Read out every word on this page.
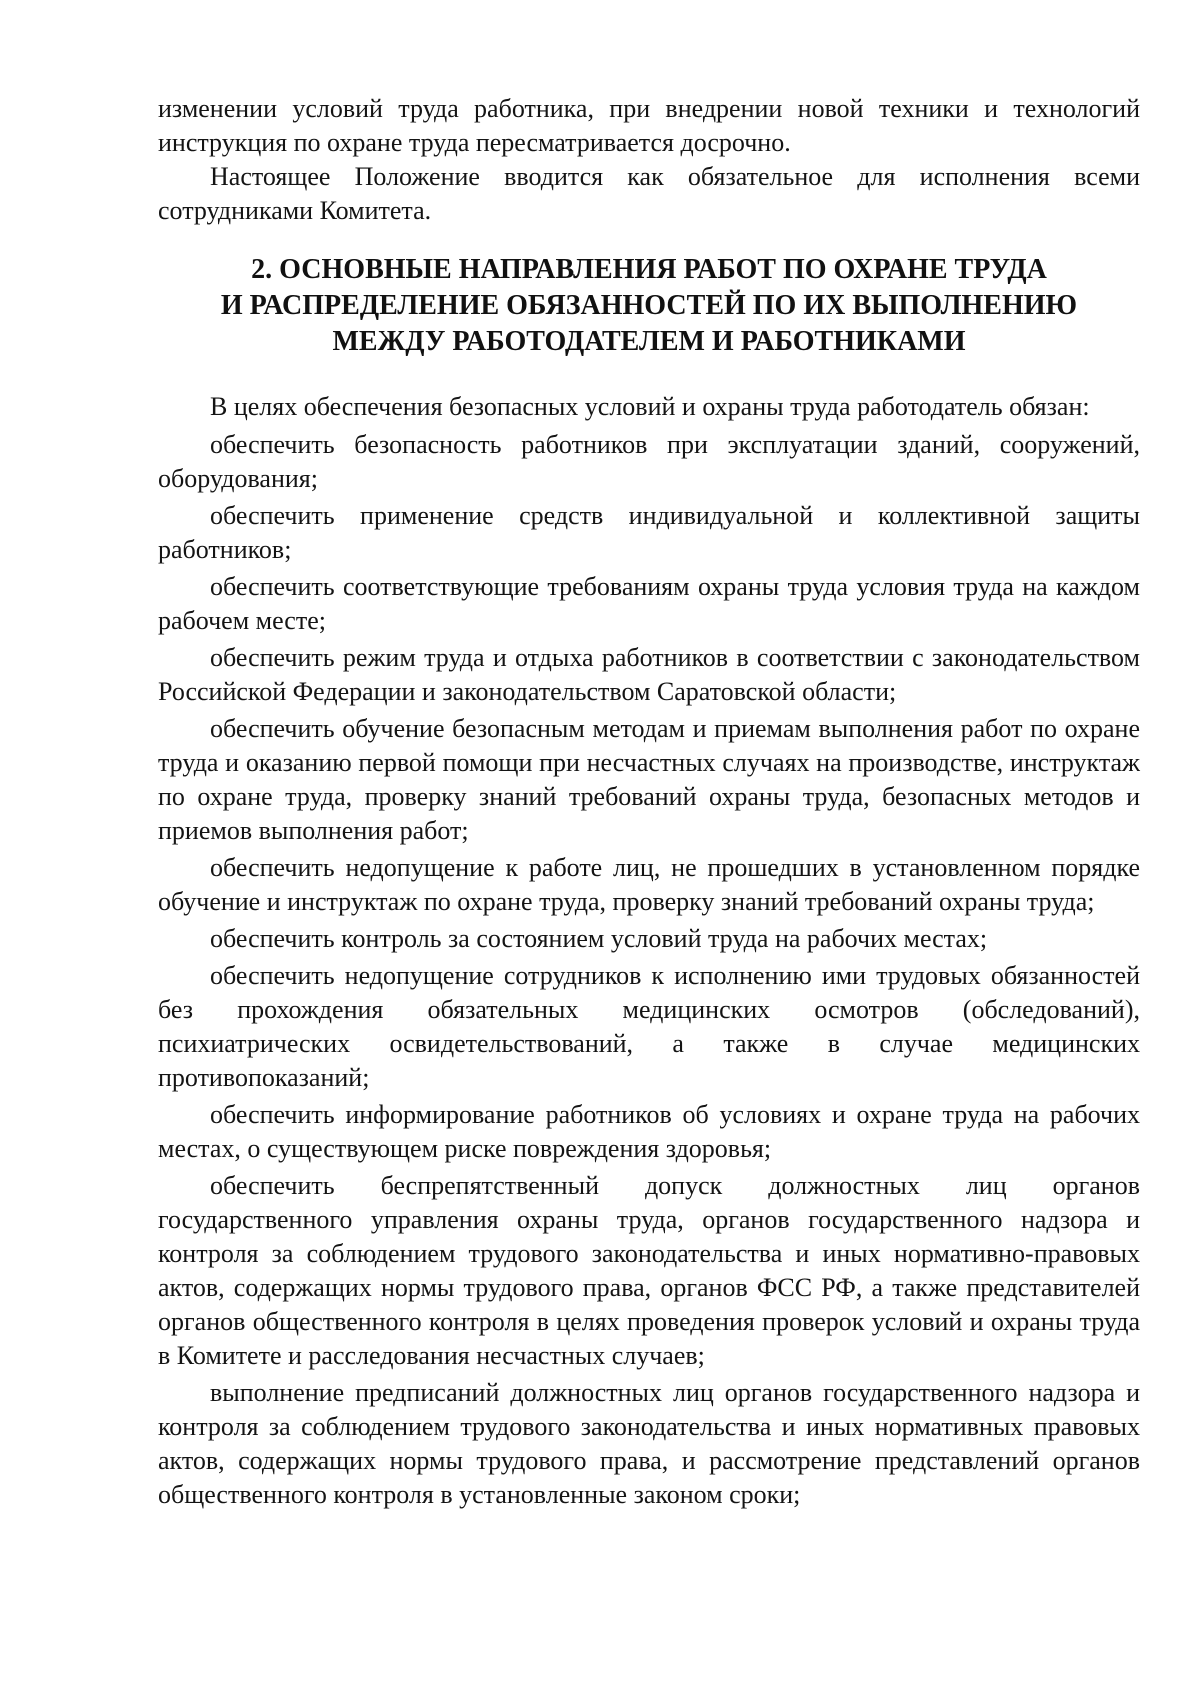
изменении условий труда работника, при внедрении новой техники и технологий инструкция по охране труда пересматривается досрочно.

Настоящее Положение вводится как обязательное для исполнения всеми сотрудниками Комитета.

2. ОСНОВНЫЕ НАПРАВЛЕНИЯ РАБОТ ПО ОХРАНЕ ТРУДА
И РАСПРЕДЕЛЕНИЕ ОБЯЗАННОСТЕЙ ПО ИХ ВЫПОЛНЕНИЮ
МЕЖДУ РАБОТОДАТЕЛЕМ И РАБОТНИКАМИ

В целях обеспечения безопасных условий и охраны труда работодатель обязан:

обеспечить безопасность работников при эксплуатации зданий, сооружений, оборудования;

обеспечить применение средств индивидуальной и коллективной защиты работников;

обеспечить соответствующие требованиям охраны труда условия труда на каждом рабочем месте;

обеспечить режим труда и отдыха работников в соответствии с законодательством Российской Федерации и законодательством Саратовской области;

обеспечить обучение безопасным методам и приемам выполнения работ по охране труда и оказанию первой помощи при несчастных случаях на производстве, инструктаж по охране труда, проверку знаний требований охраны труда, безопасных методов и приемов выполнения работ;

обеспечить недопущение к работе лиц, не прошедших в установленном порядке обучение и инструктаж по охране труда, проверку знаний требований охраны труда;

обеспечить контроль за состоянием условий труда на рабочих местах;

обеспечить недопущение сотрудников к исполнению ими трудовых обязанностей без прохождения обязательных медицинских осмотров (обследований), психиатрических освидетельствований, а также в случае медицинских противопоказаний;

обеспечить информирование работников об условиях и охране труда на рабочих местах, о существующем риске повреждения здоровья;

обеспечить беспрепятственный допуск должностных лиц органов государственного управления охраны труда, органов государственного надзора и контроля за соблюдением трудового законодательства и иных нормативно-правовых актов, содержащих нормы трудового права, органов ФСС РФ, а также представителей органов общественного контроля в целях проведения проверок условий и охраны труда в Комитете и расследования несчастных случаев;

выполнение предписаний должностных лиц органов государственного надзора и контроля за соблюдением трудового законодательства и иных нормативных правовых актов, содержащих нормы трудового права, и рассмотрение представлений органов общественного контроля в установленные законом сроки;
